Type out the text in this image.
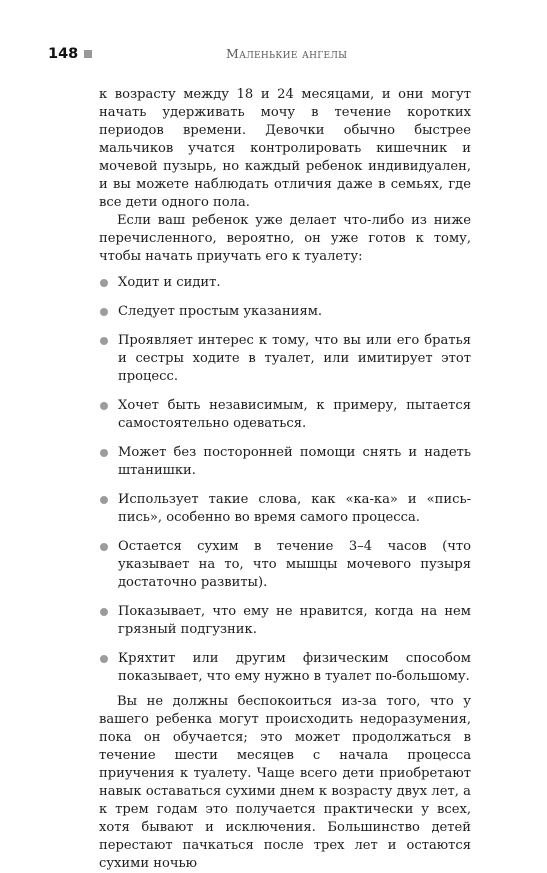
148	Маленькие ангелы

к возрасту между 18 и 24 месяцами, и они могут начать удерживать мочу в течение коротких периодов времени. Девочки обычно быстрее мальчиков учатся контролировать кишечник и мочевой пузырь, но каждый ребенок индивидуален, и вы можете наблюдать отличия даже в семьях, где все дети одного пола.

Если ваш ребенок уже делает что-либо из ниже перечисленного, вероятно, он уже готов к тому, чтобы начать приучать его к туалету:

Ходит и сидит.
Следует простым указаниям.
Проявляет интерес к тому, что вы или его братья и сестры ходите в туалет, или имитирует этот процесс.
Хочет быть независимым, к примеру, пытается самостоятельно одеваться.
Может без посторонней помощи снять и надеть штанишки.
Использует такие слова, как «ка-ка» и «пись-пись», особенно во время самого процесса.
Остается сухим в течение 3–4 часов (что указывает на то, что мышцы мочевого пузыря достаточно развиты).
Показывает, что ему не нравится, когда на нем грязный подгузник.
Кряхтит или другим физическим способом показывает, что ему нужно в туалет по-большому.

Вы не должны беспокоиться из-за того, что у вашего ребенка могут происходить недоразумения, пока он обучается; это может продолжаться в течение шести месяцев с начала процесса приучения к туалету. Чаще всего дети приобретают навык оставаться сухими днем к возрасту двух лет, а к трем годам это получается практически у всех, хотя бывают и исключения. Большинство детей перестают пачкаться после трех лет и остаются сухими ночью
